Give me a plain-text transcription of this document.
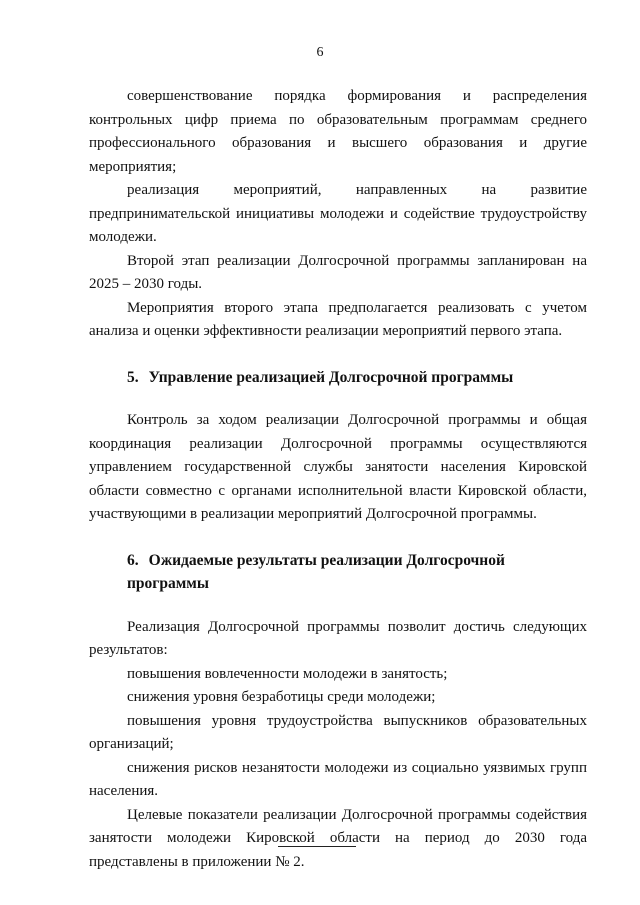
6

совершенствование порядка формирования и распределения контрольных цифр приема по образовательным программам среднего профессионального образования и высшего образования и другие мероприятия;

реализация мероприятий, направленных на развитие предпринимательской инициативы молодежи и содействие трудоустройству молодежи.

Второй этап реализации Долгосрочной программы запланирован на 2025 – 2030 годы.

Мероприятия второго этапа предполагается реализовать с учетом анализа и оценки эффективности реализации мероприятий первого этапа.

5. Управление реализацией Долгосрочной программы

Контроль за ходом реализации Долгосрочной программы и общая координация реализации Долгосрочной программы осуществляются управлением государственной службы занятости населения Кировской области совместно с органами исполнительной власти Кировской области, участвующими в реализации мероприятий Долгосрочной программы.

6. Ожидаемые результаты реализации Долгосрочной программы

Реализация Долгосрочной программы позволит достичь следующих результатов:

повышения вовлеченности молодежи в занятость;

снижения уровня безработицы среди молодежи;

повышения уровня трудоустройства выпускников образовательных организаций;

снижения рисков незанятости молодежи из социально уязвимых групп населения.

Целевые показатели реализации Долгосрочной программы содействия занятости молодежи Кировской области на период до 2030 года представлены в приложении № 2.
